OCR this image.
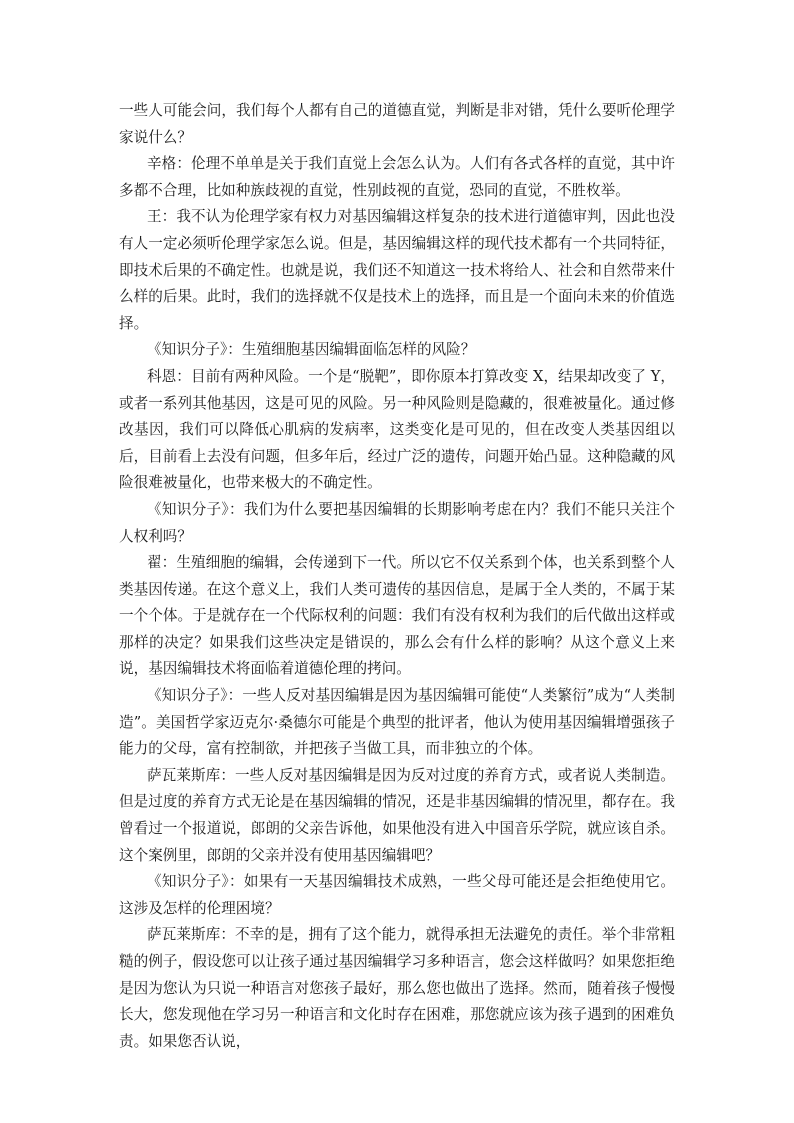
一些人可能会问，我们每个人都有自己的道德直觉，判断是非对错，凭什么要听伦理学家说什么？

辛格：伦理不单单是关于我们直觉上会怎么认为。人们有各式各样的直觉，其中许多都不合理，比如种族歧视的直觉，性别歧视的直觉，恐同的直觉，不胜枚举。

王：我不认为伦理学家有权力对基因编辑这样复杂的技术进行道德审判，因此也没有人一定必须听伦理学家怎么说。但是，基因编辑这样的现代技术都有一个共同特征，即技术后果的不确定性。也就是说，我们还不知道这一技术将给人、社会和自然带来什么样的后果。此时，我们的选择就不仅是技术上的选择，而且是一个面向未来的价值选择。

《知识分子》：生殖细胞基因编辑面临怎样的风险？

科恩：目前有两种风险。一个是“脱靶”，即你原本打算改变 X，结果却改变了 Y，或者一系列其他基因，这是可见的风险。另一种风险则是隐藏的，很难被量化。通过修改基因，我们可以降低心肌病的发病率，这类变化是可见的，但在改变人类基因组以后，目前看上去没有问题，但多年后，经过广泛的遗传，问题开始凸显。这种隐藏的风险很难被量化，也带来极大的不确定性。

《知识分子》：我们为什么要把基因编辑的长期影响考虑在内？我们不能只关注个人权利吗？

翟：生殖细胞的编辑，会传递到下一代。所以它不仅关系到个体，也关系到整个人类基因传递。在这个意义上，我们人类可遗传的基因信息，是属于全人类的，不属于某一个个体。于是就存在一个代际权利的问题：我们有没有权利为我们的后代做出这样或那样的决定？如果我们这些决定是错误的，那么会有什么样的影响？从这个意义上来说，基因编辑技术将面临着道德伦理的拷问。

《知识分子》：一些人反对基因编辑是因为基因编辑可能使“人类繁衍”成为“人类制造”。美国哲学家迈克尔·桑德尔可能是个典型的批评者，他认为使用基因编辑增强孩子能力的父母，富有控制欲，并把孩子当做工具，而非独立的个体。

萨瓦莱斯库：一些人反对基因编辑是因为反对过度的养育方式，或者说人类制造。但是过度的养育方式无论是在基因编辑的情况，还是非基因编辑的情况里，都存在。我曾看过一个报道说，郎朗的父亲告诉他，如果他没有进入中国音乐学院，就应该自杀。这个案例里，郎朗的父亲并没有使用基因编辑吧？

《知识分子》：如果有一天基因编辑技术成熟，一些父母可能还是会拒绝使用它。这涉及怎样的伦理困境？

萨瓦莱斯库：不幸的是，拥有了这个能力，就得承担无法避免的责任。举个非常粗糙的例子，假设您可以让孩子通过基因编辑学习多种语言，您会这样做吗？如果您拒绝是因为您认为只说一种语言对您孩子最好，那么您也做出了选择。然而，随着孩子慢慢长大，您发现他在学习另一种语言和文化时存在困难，那您就应该为孩子遇到的困难负责。如果您否认说，
